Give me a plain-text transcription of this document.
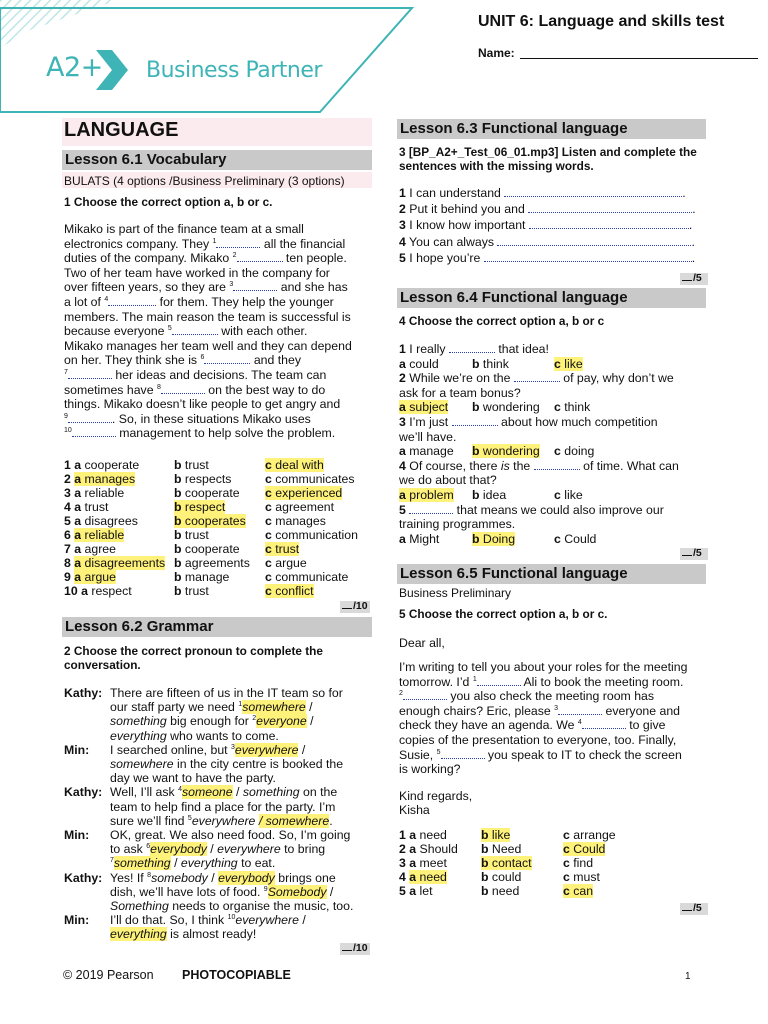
A2+ Business Partner
UNIT 6: Language and skills test
Name:
LANGUAGE
Lesson 6.1 Vocabulary
BULATS (4 options /Business Preliminary (3 options)
1 Choose the correct option a, b or c.
Mikako is part of the finance team at a small
electronics company. They $^1$	all the financial
duties of the company. Mikako $^2$	ten people.
Two of her team have worked in the company for
over fifteen years, so they are $^3$	and she has
a lot of $^4$	for them. They help the younger
members. The main reason the team is successful is
because everyone $^5$	with each other.
Mikako manages her team well and they can depend
on her. They think she is $^6$	and they
$^7$	her ideas and decisions. The team can
sometimes have $^8$	on the best way to do
things. Mikako doesn’t like people to get angry and
$^9$	. So, in these situations Mikako uses
$^{10}$	management to help solve the problem.
1 a cooperate	b trust	c deal with
2 a manages	b respects	c communicates
3 a reliable	b cooperate c experienced
4 a trust	b respect	c agreement
5 a disagrees	b cooperates c manages
6 a reliable	b trust	c communication
7 a agree	b cooperate c trust
8 a disagreements b agreements c argue
9 a argue	b manage	c communicate
10 a respect	b trust	c conflict
/10
Lesson 6.2 Grammar
2 Choose the correct pronoun to complete the conversation.
Kathy: There are fifteen of us in the IT team so for
our staff party we need $^1$somewhere /
something big enough for $^2$everyone /
everything who wants to come.
Min: I searched online, but $^3$everywhere /
somewhere in the city centre is booked the
day we want to have the party.
Kathy: Well, I’ll ask $^4$someone / something on the
team to help find a place for the party. I’m
sure we’ll find $^5$everywhere / somewhere.
Min: OK, great. We also need food. So, I’m going
to ask $^6$everybody / everywhere to bring
$^7$something / everything to eat.
Kathy: Yes! If $^8$somebody / everybody brings one
dish, we’ll have lots of food. $^9$Somebody /
Something needs to organise the music, too.
Min: I’ll do that. So, I think $^{10}$everywhere /
everything is almost ready!
/10
Lesson 6.3 Functional language
3 [BP_A2+_Test_06_01.mp3] Listen and complete the sentences with the missing words.
1 I can understand	.
2 Put it behind you and	.
3 I know how important	.
4 You can always	.
5 I hope you’re	.
/5
Lesson 6.4 Functional language
4 Choose the correct option a, b or c
1 I really	that idea!
a could	b think	c like
2 While we’re on the	of pay, why don’t we
ask for a team bonus?
a subject b wondering c think
3 I’m just	about how much competition
we’ll have.
a manage b wondering c doing
4 Of course, there is the	of time. What can
we do about that?
a problem b idea	c like
5	that means we could also improve our
training programmes.
a Might	b Doing	c Could
/5
Lesson 6.5 Functional language
Business Preliminary
5 Choose the correct option a, b or c.
Dear all,
I’m writing to tell you about your roles for the meeting
tomorrow. I’d $^1$	Ali to book the meeting room.
$^2$	you also check the meeting room has
enough chairs? Eric, please $^3$	everyone and
check they have an agenda. We $^4$	to give
copies of the presentation to everyone, too. Finally,
Susie, $^5$	you speak to IT to check the screen
is working?
Kind regards,
Kisha
1 a need	b like	c arrange
2 a Should b Need	c Could
3 a meet	b contact	c find
4 a need	b could	c must
5 a let	b need	c can
/5
© 2019 Pearson PHOTOCOPIABLE	1
